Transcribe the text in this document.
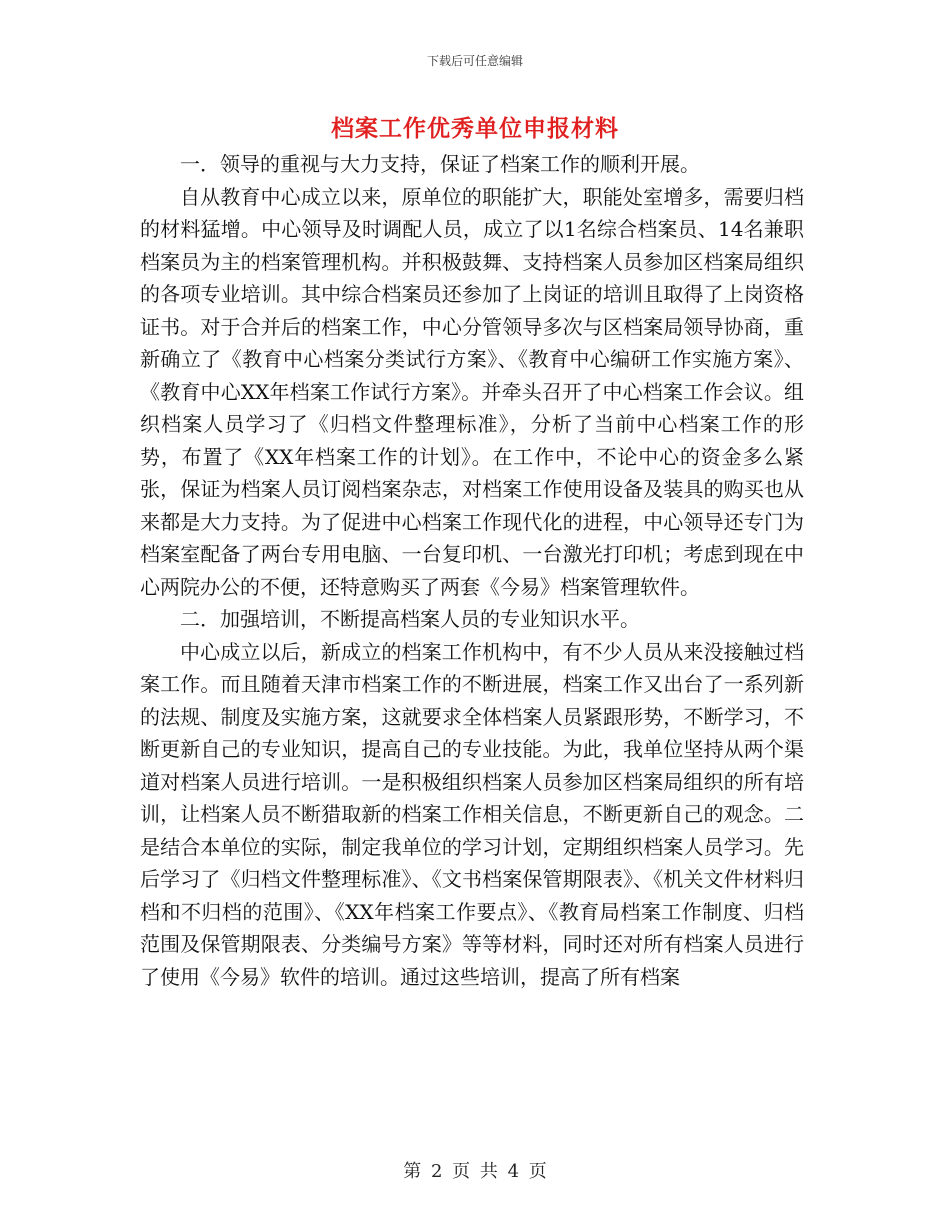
下载后可任意编辑
档案工作优秀单位申报材料

一．领导的重视与大力支持，保证了档案工作的顺利开展。

自从教育中心成立以来，原单位的职能扩大，职能处室增多，需要归档的材料猛增。中心领导及时调配人员，成立了以1名综合档案员、14名兼职档案员为主的档案管理机构。并积极鼓舞、支持档案人员参加区档案局组织的各项专业培训。其中综合档案员还参加了上岗证的培训且取得了上岗资格证书。对于合并后的档案工作，中心分管领导多次与区档案局领导协商，重新确立了《教育中心档案分类试行方案》、《教育中心编研工作实施方案》、《教育中心XX年档案工作试行方案》。并牵头召开了中心档案工作会议。组织档案人员学习了《归档文件整理标准》，分析了当前中心档案工作的形势，布置了《XX年档案工作的计划》。在工作中，不论中心的资金多么紧张，保证为档案人员订阅档案杂志，对档案工作使用设备及装具的购买也从来都是大力支持。为了促进中心档案工作现代化的进程，中心领导还专门为档案室配备了两台专用电脑、一台复印机、一台激光打印机；考虑到现在中心两院办公的不便，还特意购买了两套《今易》档案管理软件。

二．加强培训，不断提高档案人员的专业知识水平。

中心成立以后，新成立的档案工作机构中，有不少人员从来没接触过档案工作。而且随着天津市档案工作的不断进展，档案工作又出台了一系列新的法规、制度及实施方案，这就要求全体档案人员紧跟形势，不断学习，不断更新自己的专业知识，提高自己的专业技能。为此，我单位坚持从两个渠道对档案人员进行培训。一是积极组织档案人员参加区档案局组织的所有培训，让档案人员不断猎取新的档案工作相关信息，不断更新自己的观念。二是结合本单位的实际，制定我单位的学习计划，定期组织档案人员学习。先后学习了《归档文件整理标准》、《文书档案保管期限表》、《机关文件材料归档和不归档的范围》、《XX年档案工作要点》、《教育局档案工作制度、归档范围及保管期限表、分类编号方案》等等材料，同时还对所有档案人员进行了使用《今易》软件的培训。通过这些培训，提高了所有档案

第 2 页 共 4 页
